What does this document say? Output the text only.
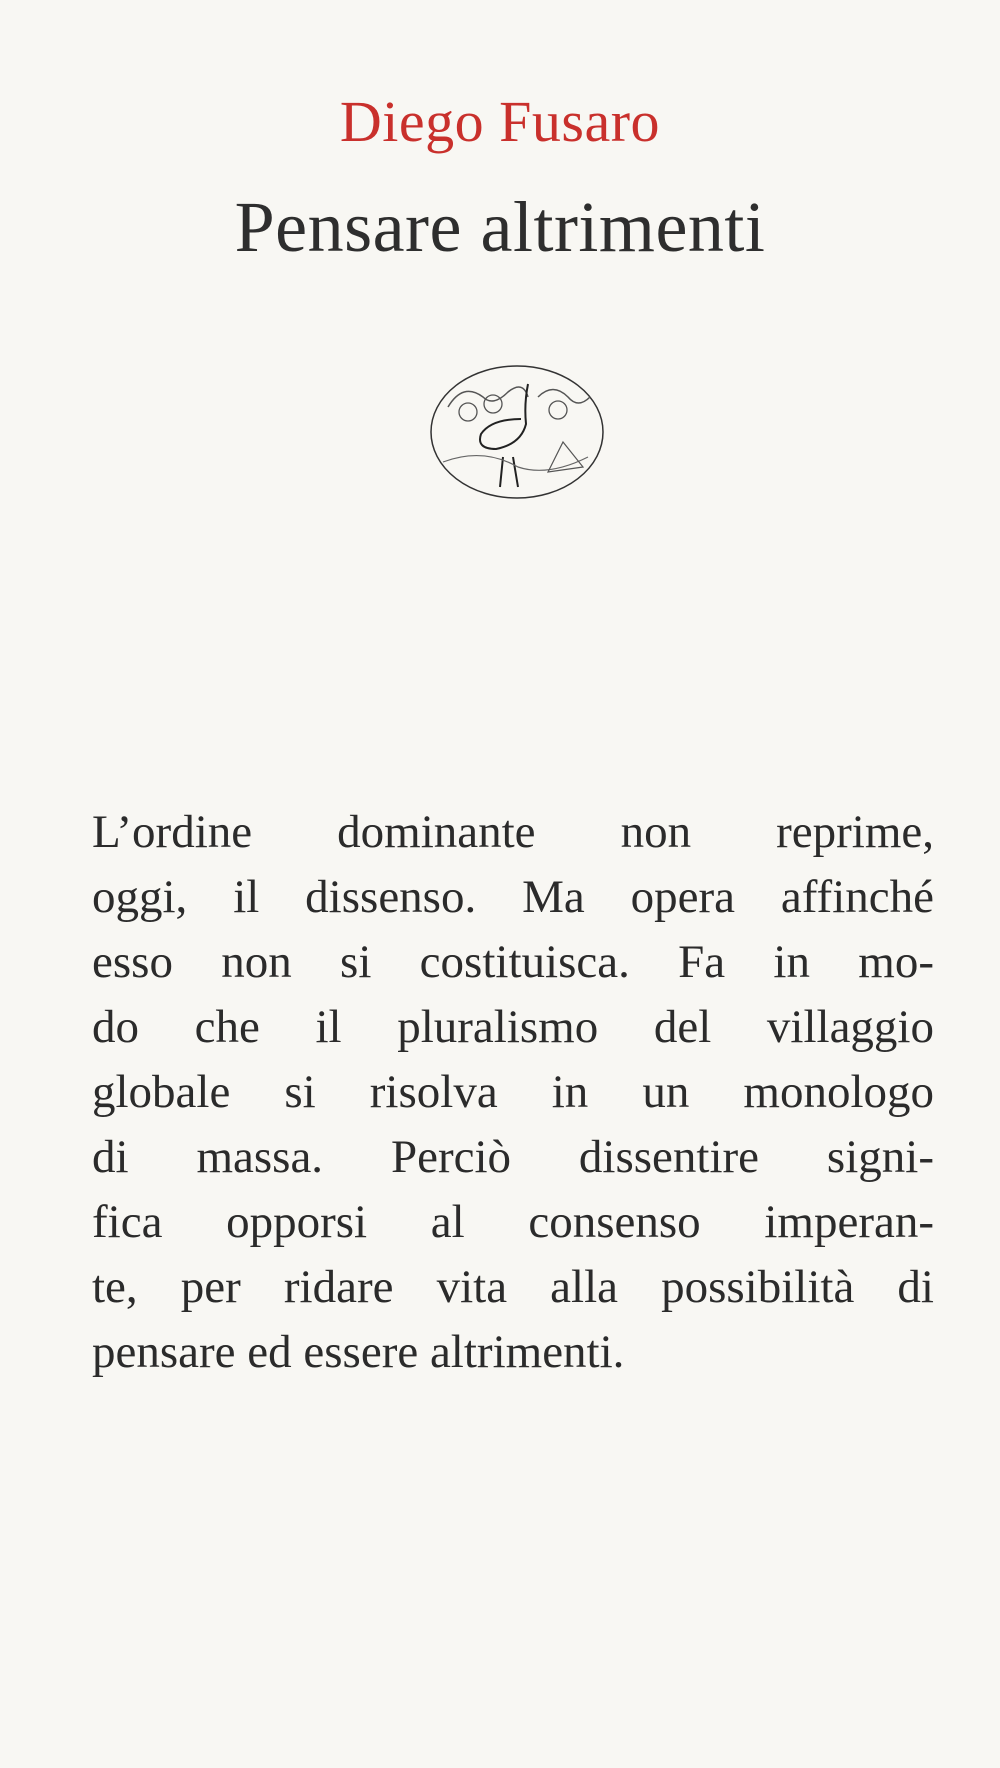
Diego Fusaro
Pensare altrimenti
L’ordine dominante non reprime,
oggi, il dissenso. Ma opera affinché
esso non si costituisca. Fa in mo-
do che il pluralismo del villaggio
globale si risolva in un monologo
di massa. Perciò dissentire signi-
fica opporsi al consenso imperan-
te, per ridare vita alla possibilità di
pensare ed essere altrimenti.
